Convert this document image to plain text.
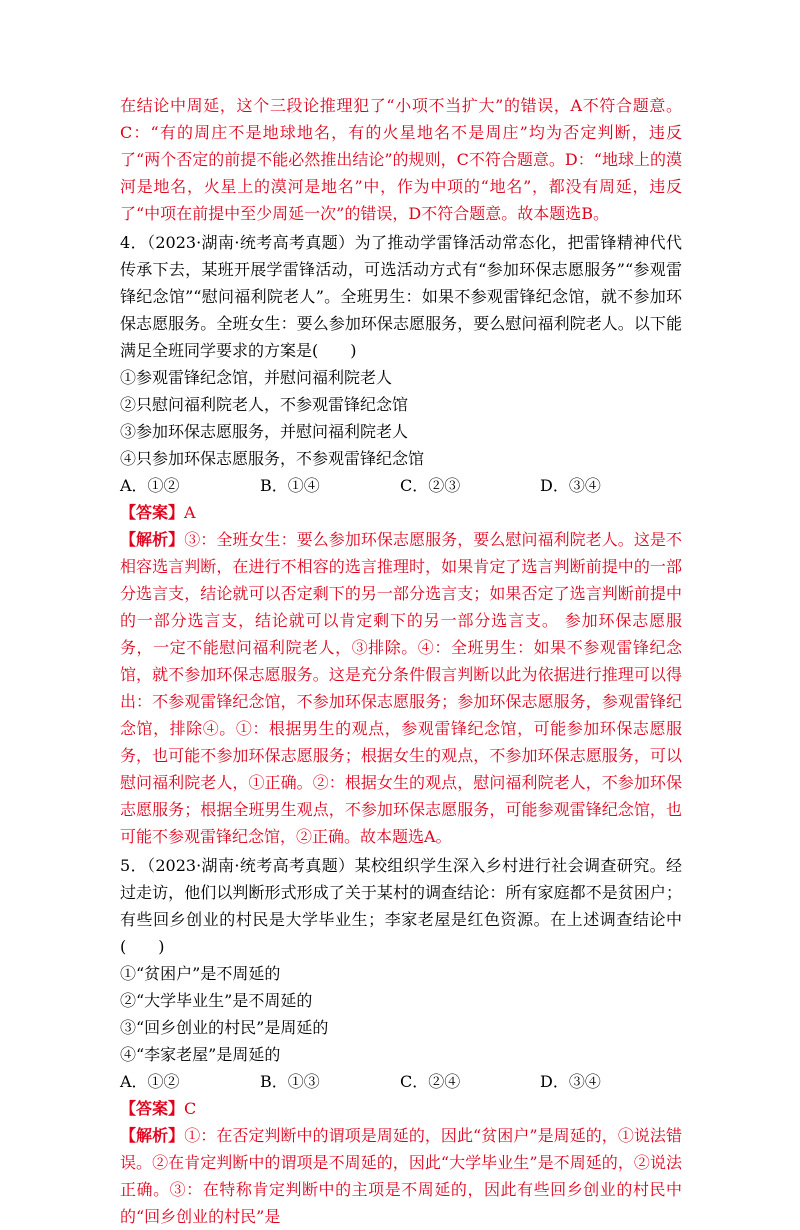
在结论中周延，这个三段论推理犯了“小项不当扩大”的错误，A不符合题意。C：“有的周庄不是地球地名，有的火星地名不是周庄”均为否定判断，违反了“两个否定的前提不能必然推出结论”的规则，C不符合题意。D：“地球上的漠河是地名，火星上的漠河是地名”中，作为中项的“地名”，都没有周延，违反了“中项在前提中至少周延一次”的错误，D不符合题意。故本题选B。

4．（2023·湖南·统考高考真题）为了推动学雷锋活动常态化，把雷锋精神代代传承下去，某班开展学雷锋活动，可选活动方式有“参加环保志愿服务”“参观雷锋纪念馆”“慰问福利院老人”。全班男生：如果不参观雷锋纪念馆，就不参加环保志愿服务。全班女生：要么参加环保志愿服务，要么慰问福利院老人。以下能满足全班同学要求的方案是(　　)

①参观雷锋纪念馆，并慰问福利院老人

②只慰问福利院老人，不参观雷锋纪念馆

③参加环保志愿服务，并慰问福利院老人

④只参加环保志愿服务，不参观雷锋纪念馆

A．①②	B．①④	C．②③	D．③④

【答案】A

【解析】③：全班女生：要么参加环保志愿服务，要么慰问福利院老人。这是不相容选言判断，在进行不相容的选言推理时，如果肯定了选言判断前提中的一部分选言支，结论就可以否定剩下的另一部分选言支；如果否定了选言判断前提中的一部分选言支，结论就可以肯定剩下的另一部分选言支。 参加环保志愿服务，一定不能慰问福利院老人，③排除。④：全班男生：如果不参观雷锋纪念馆，就不参加环保志愿服务。这是充分条件假言判断以此为依据进行推理可以得出：不参观雷锋纪念馆，不参加环保志愿服务；参加环保志愿服务，参观雷锋纪念馆，排除④。①：根据男生的观点，参观雷锋纪念馆，可能参加环保志愿服务，也可能不参加环保志愿服务；根据女生的观点，不参加环保志愿服务，可以慰问福利院老人，①正确。②：根据女生的观点，慰问福利院老人，不参加环保志愿服务；根据全班男生观点，不参加环保志愿服务，可能参观雷锋纪念馆，也可能不参观雷锋纪念馆，②正确。故本题选A。

5．（2023·湖南·统考高考真题）某校组织学生深入乡村进行社会调查研究。经过走访，他们以判断形式形成了关于某村的调查结论：所有家庭都不是贫困户；有些回乡创业的村民是大学毕业生；李家老屋是红色资源。在上述调查结论中(　　)

①“贫困户”是不周延的

②“大学毕业生”是不周延的

③“回乡创业的村民”是周延的

④“李家老屋”是周延的

A．①②	B．①③	C．②④	D．③④

【答案】C

【解析】①：在否定判断中的谓项是周延的，因此“贫困户”是周延的，①说法错误。②在肯定判断中的谓项是不周延的，因此“大学毕业生”是不周延的，②说法正确。③：在特称肯定判断中的主项是不周延的，因此有些回乡创业的村民中的“回乡创业的村民”是
